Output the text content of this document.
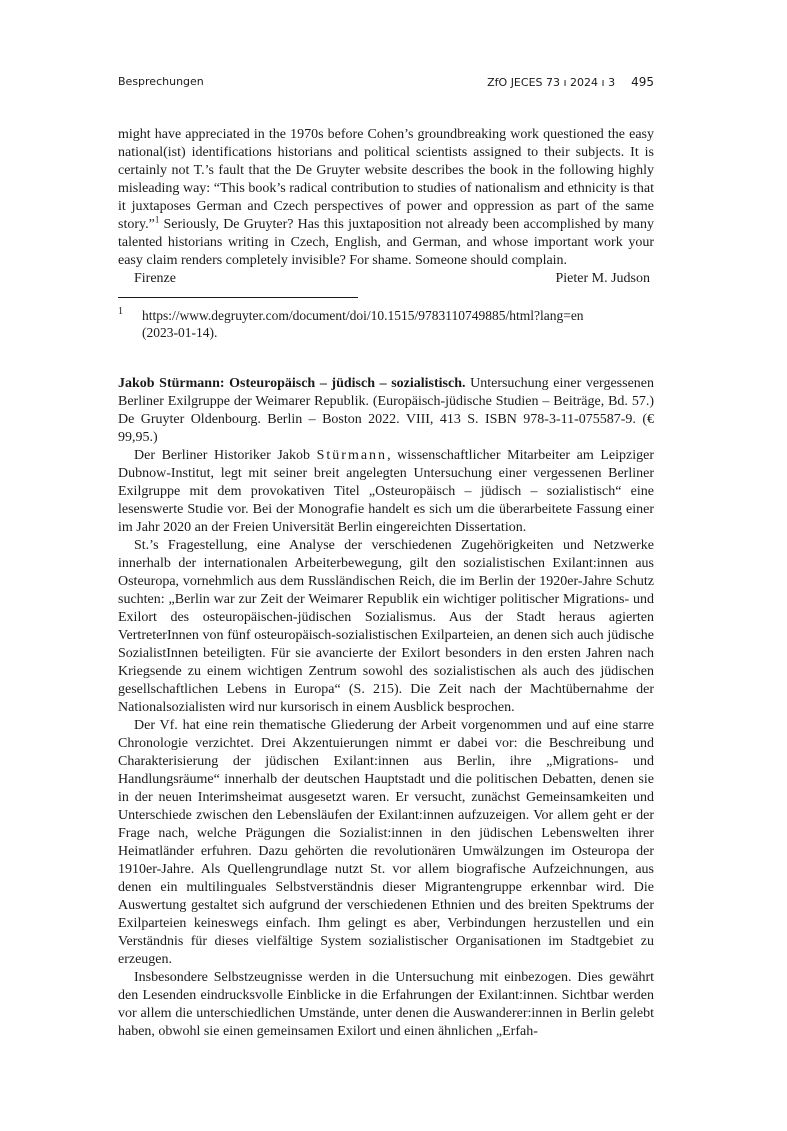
Besprechungen	ZfO JECES 73 ı 2024 ı 3 495

might have appreciated in the 1970s before Cohen’s groundbreaking work questioned the easy national(ist) identifications historians and political scientists assigned to their subjects. It is certainly not T.’s fault that the De Gruyter website describes the book in the following highly misleading way: “This book’s radical contribution to studies of nationalism and ethnicity is that it juxtaposes German and Czech perspectives of power and oppression as part of the same story.”$^1$ Seriously, De Gruyter? Has this juxtaposition not already been accomplished by many talented historians writing in Czech, English, and German, and whose important work your easy claim renders completely invisible? For shame. Someone should complain.

Firenze	Pieter M. Judson
1 https://www.degruyter.com/document/doi/10.1515/9783110749885/html?lang=en
(2023-01-14).

Jakob Stürmann: Osteuropäisch – jüdisch – sozialistisch. Untersuchung einer vergessenen Berliner Exilgruppe der Weimarer Republik. (Europäisch-jüdische Studien – Beiträge, Bd. 57.) De Gruyter Oldenbourg. Berlin – Boston 2022. VIII, 413 S. ISBN 978-3-11-075587-9. (€ 99,95.)

Der Berliner Historiker Jakob Stürmann, wissenschaftlicher Mitarbeiter am Leipziger Dubnow-Institut, legt mit seiner breit angelegten Untersuchung einer vergessenen Berliner Exilgruppe mit dem provokativen Titel „Osteuropäisch – jüdisch – sozialistisch“ eine lesenswerte Studie vor. Bei der Monografie handelt es sich um die überarbeitete Fassung einer im Jahr 2020 an der Freien Universität Berlin eingereichten Dissertation.

St.’s Fragestellung, eine Analyse der verschiedenen Zugehörigkeiten und Netzwerke innerhalb der internationalen Arbeiterbewegung, gilt den sozialistischen Exilant:innen aus Osteuropa, vornehmlich aus dem Russländischen Reich, die im Berlin der 1920er-Jahre Schutz suchten: „Berlin war zur Zeit der Weimarer Republik ein wichtiger politischer Migrations- und Exilort des osteuropäischen-jüdischen Sozialismus. Aus der Stadt heraus agierten VertreterInnen von fünf osteuropäisch-sozialistischen Exilparteien, an denen sich auch jüdische SozialistInnen beteiligten. Für sie avancierte der Exilort besonders in den ersten Jahren nach Kriegsende zu einem wichtigen Zentrum sowohl des sozialistischen als auch des jüdischen gesellschaftlichen Lebens in Europa“ (S. 215). Die Zeit nach der Machtübernahme der Nationalsozialisten wird nur kursorisch in einem Ausblick besprochen.

Der Vf. hat eine rein thematische Gliederung der Arbeit vorgenommen und auf eine starre Chronologie verzichtet. Drei Akzentuierungen nimmt er dabei vor: die Beschreibung und Charakterisierung der jüdischen Exilant:innen aus Berlin, ihre „Migrations- und Handlungsräume“ innerhalb der deutschen Hauptstadt und die politischen Debatten, denen sie in der neuen Interimsheimat ausgesetzt waren. Er versucht, zunächst Gemeinsamkeiten und Unterschiede zwischen den Lebensläufen der Exilant:innen aufzuzeigen. Vor allem geht er der Frage nach, welche Prägungen die Sozialist:innen in den jüdischen Lebenswelten ihrer Heimatländer erfuhren. Dazu gehörten die revolutionären Umwälzungen im Osteuropa der 1910er-Jahre. Als Quellengrundlage nutzt St. vor allem biografische Aufzeichnungen, aus denen ein multilinguales Selbstverständnis dieser Migrantengruppe erkennbar wird. Die Auswertung gestaltet sich aufgrund der verschiedenen Ethnien und des breiten Spektrums der Exilparteien keineswegs einfach. Ihm gelingt es aber, Verbindungen herzustellen und ein Verständnis für dieses vielfältige System sozialistischer Organisationen im Stadtgebiet zu erzeugen.

Insbesondere Selbstzeugnisse werden in die Untersuchung mit einbezogen. Dies gewährt den Lesenden eindrucksvolle Einblicke in die Erfahrungen der Exilant:innen. Sichtbar werden vor allem die unterschiedlichen Umstände, unter denen die Auswanderer:innen in Berlin gelebt haben, obwohl sie einen gemeinsamen Exilort und einen ähnlichen „Erfah-
